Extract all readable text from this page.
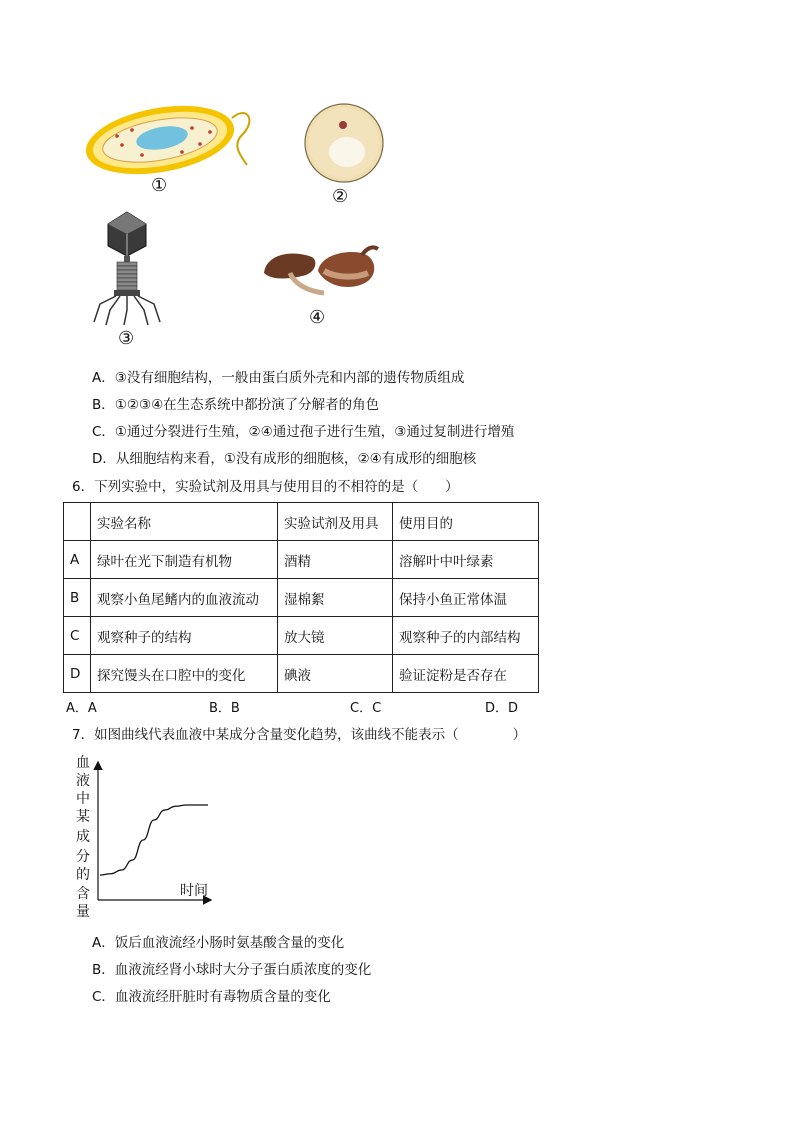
①
②
③
④
A．③没有细胞结构，一般由蛋白质外壳和内部的遗传物质组成
B．①②③④在生态系统中都扮演了分解者的角色
C．①通过分裂进行生殖，②④通过孢子进行生殖，③通过复制进行增殖
D．从细胞结构来看，①没有成形的细胞核，②④有成形的细胞核
6．下列实验中，实验试剂及用具与使用目的不相符的是（　　）
	实验名称	实验试剂及用具	使用目的
A	绿叶在光下制造有机物	酒精	溶解叶中叶绿素
B	观察小鱼尾鳍内的血液流动	湿棉絮	保持小鱼正常体温
C	观察种子的结构	放大镜	观察种子的内部结构
D	探究馒头在口腔中的变化	碘液	验证淀粉是否存在
A．A	B．B	C．C	D．D
7．如图曲线代表血液中某成分含量变化趋势，该曲线不能表示（　　　　）
血
液
中
某
成
分
的
含
量
时间
A．饭后血液流经小肠时氨基酸含量的变化
B．血液流经肾小球时大分子蛋白质浓度的变化
C．血液流经肝脏时有毒物质含量的变化
